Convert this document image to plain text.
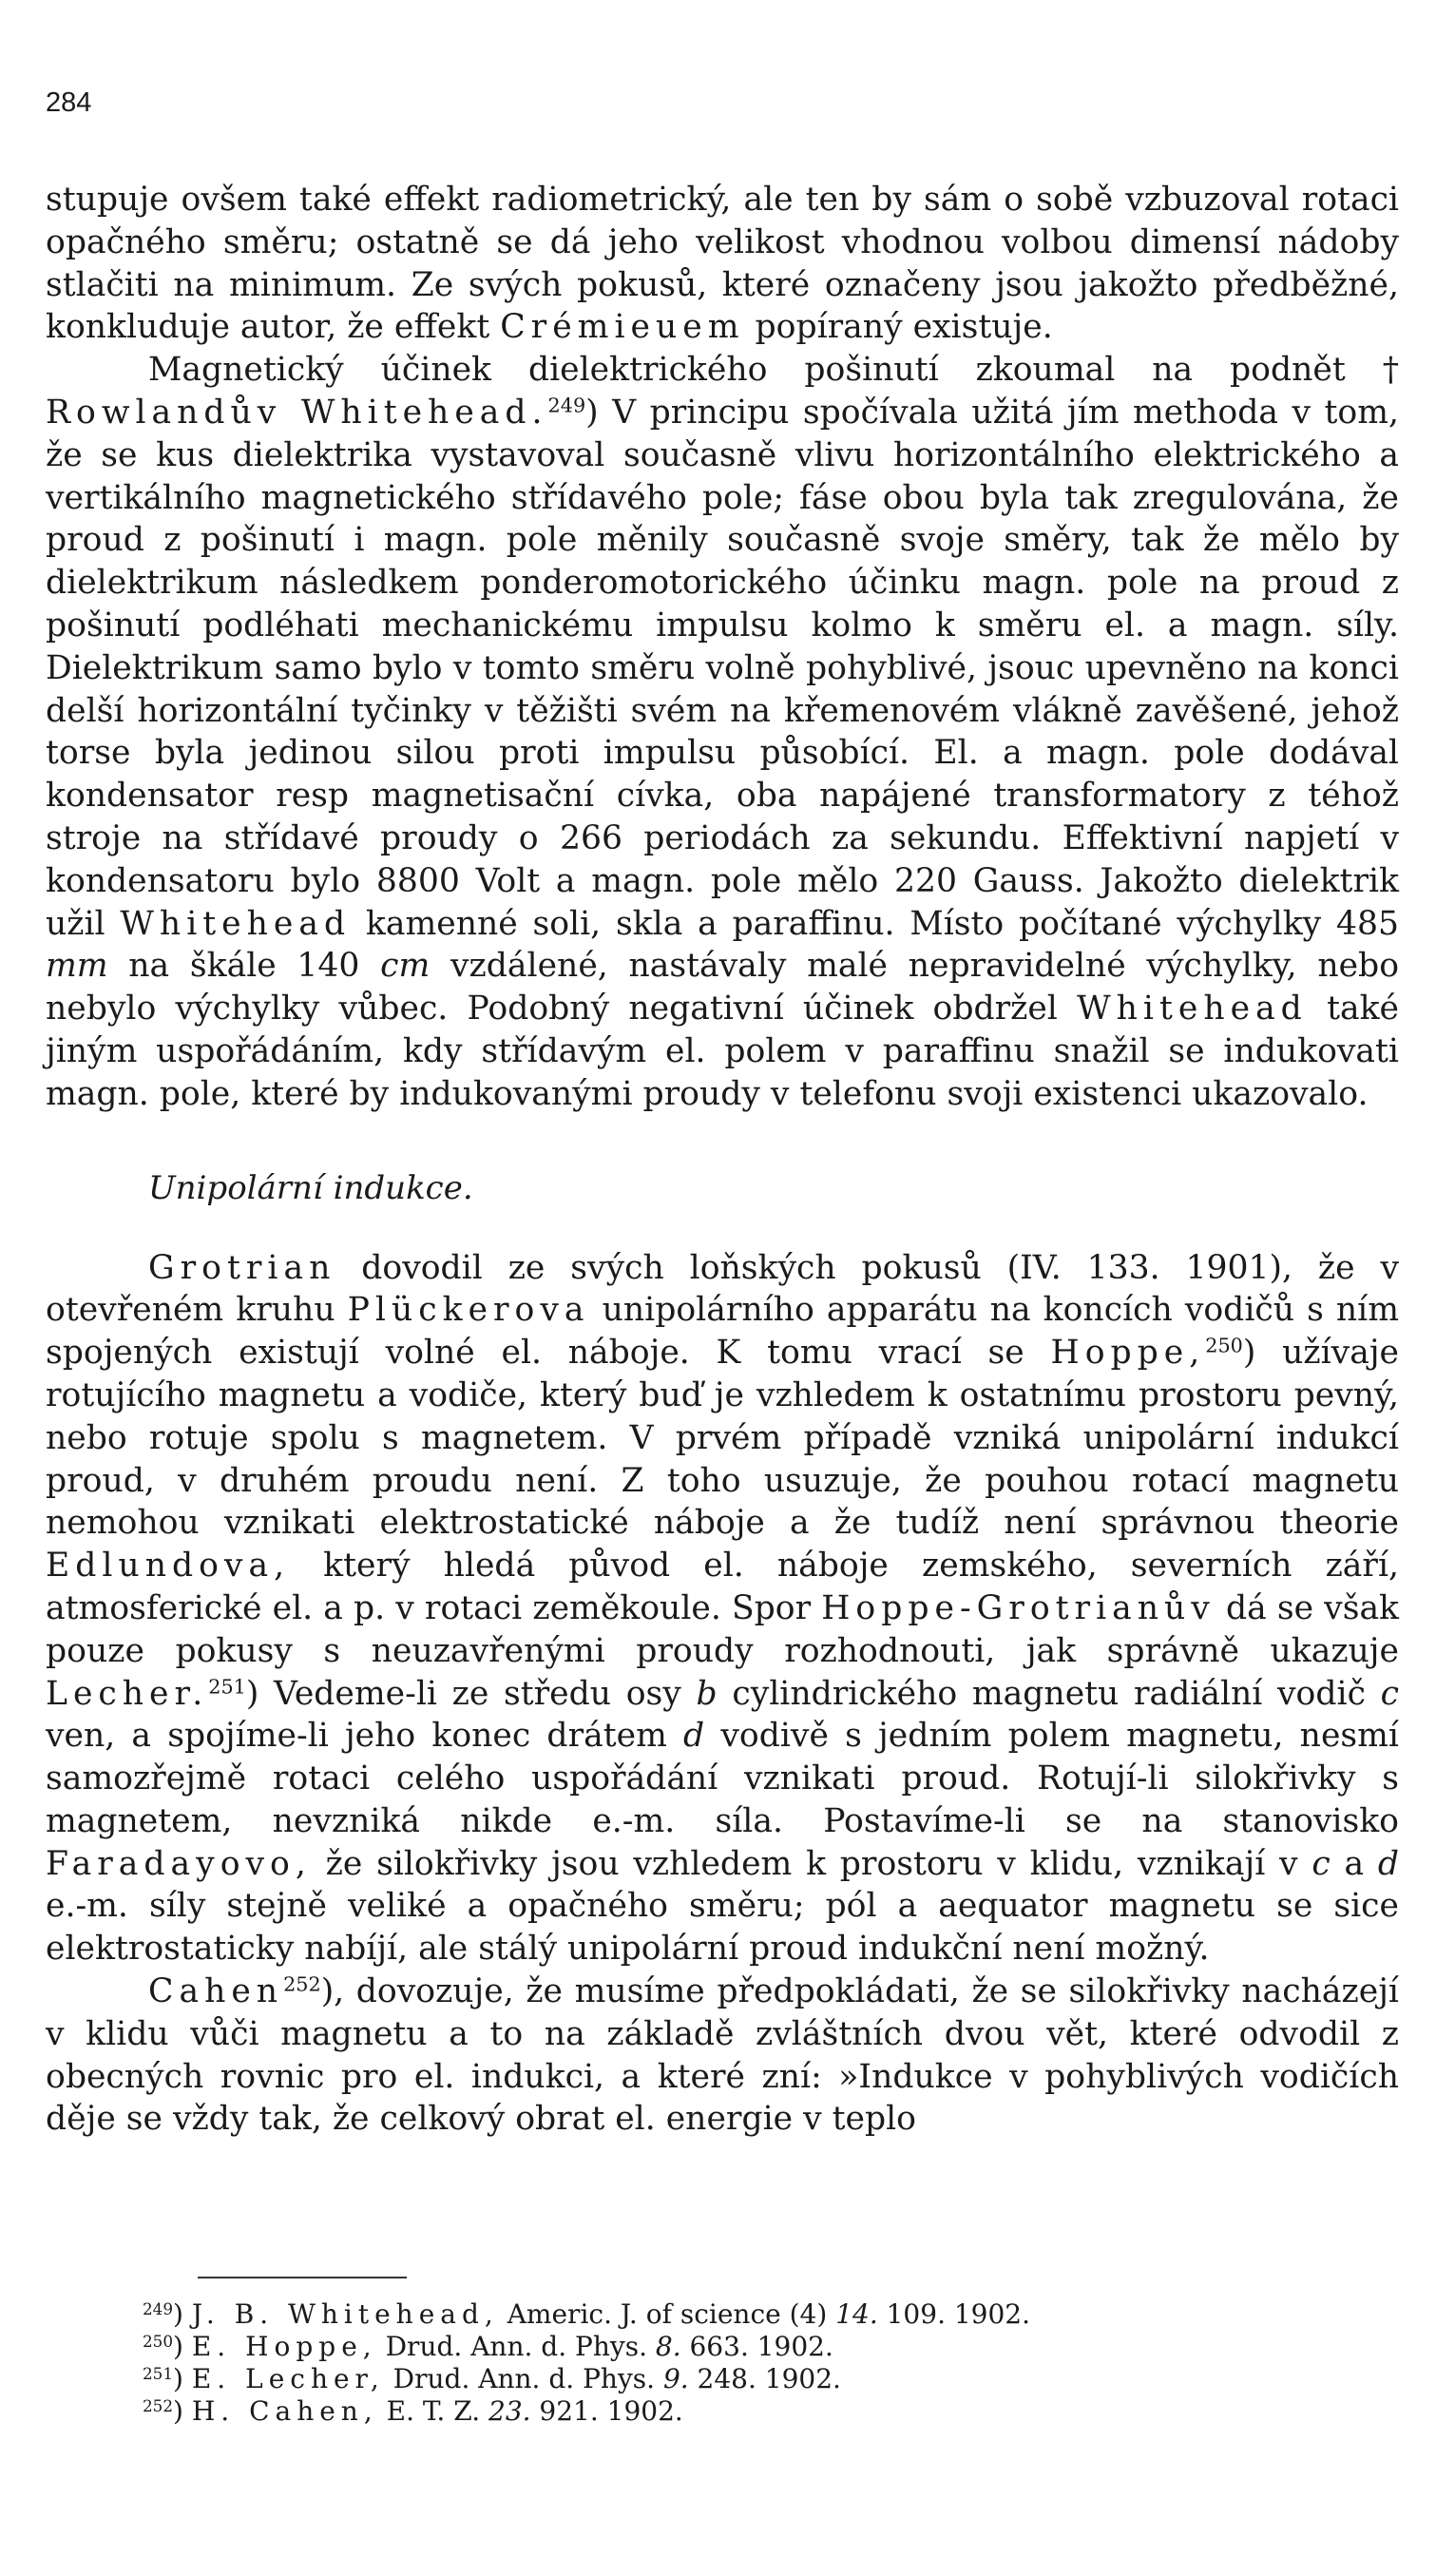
284

stupuje ovšem také effekt radiometrický, ale ten by sám o sobě vzbuzoval rotaci opačného směru; ostatně se dá jeho velikost vhodnou volbou dimensí nádoby stlačiti na minimum. Ze svých pokusů, které označeny jsou jakožto předběžné, konkluduje autor, že effekt Crémieuem popíraný existuje.

Magnetický účinek dielektrického pošinutí zkoumal na podnět † Rowlandův Whitehead.$^{249}$) V principu spočívala užitá jím methoda v tom, že se kus dielektrika vystavoval současně vlivu horizontálního elektrického a vertikálního magnetického střídavého pole; fáse obou byla tak zregulována, že proud z pošinutí i magn. pole měnily současně svoje směry, tak že mělo by dielektrikum následkem ponderomotorického účinku magn. pole na proud z pošinutí podléhati mechanickému impulsu kolmo k směru el. a magn. síly. Dielektrikum samo bylo v tomto směru volně pohyblivé, jsouc upevněno na konci delší horizontální tyčinky v těžišti svém na křemenovém vlákně zavěšené, jehož torse byla jedinou silou proti impulsu působící. El. a magn. pole dodával kondensator resp magnetisační cívka, oba napájené transformatory z téhož stroje na střídavé proudy o 266 periodách za sekundu. Effektivní napjetí v kondensatoru bylo 8800 Volt a magn. pole mělo 220 Gauss. Jakožto dielektrik užil Whitehead kamenné soli, skla a paraffinu. Místo počítané výchylky 485 mm na škále 140 cm vzdálené, nastávaly malé nepravidelné výchylky, nebo nebylo výchylky vůbec. Podobný negativní účinek obdržel Whitehead také jiným uspořádáním, kdy střídavým el. polem v paraffinu snažil se indukovati magn. pole, které by indukovanými proudy v telefonu svoji existenci ukazovalo.

Unipolární indukce.

Grotrian dovodil ze svých loňských pokusů (IV. 133. 1901), že v otevřeném kruhu Plückerova unipolárního apparátu na koncích vodičů s ním spojených existují volné el. náboje. K tomu vrací se Hoppe,$^{250}$) užívaje rotujícího magnetu a vodiče, který buď je vzhledem k ostatnímu prostoru pevný, nebo rotuje spolu s magnetem. V prvém případě vzniká unipolární indukcí proud, v druhém proudu není. Z toho usuzuje, že pouhou rotací magnetu nemohou vznikati elektrostatické náboje a že tudíž není správnou theorie Edlundova, který hledá původ el. náboje zemského, severních září, atmosferické el. a p. v rotaci zeměkoule. Spor Hoppe-Grotrianův dá se však pouze pokusy s neuzavřenými proudy rozhodnouti, jak správně ukazuje Lecher.$^{251}$) Vedeme-li ze středu osy b cylindrického magnetu radiální vodič c ven, a spojíme-li jeho konec drátem d vodivě s jedním polem magnetu, nesmí samozřejmě rotaci celého uspořádání vznikati proud. Rotují-li silokřivky s magnetem, nevzniká nikde e.-m. síla. Postavíme-li se na stanovisko Faradayovo, že silokřivky jsou vzhledem k prostoru v klidu, vznikají v c a d e.-m. síly stejně veliké a opačného směru; pól a aequator magnetu se sice elektrostaticky nabíjí, ale stálý unipolární proud indukční není možný.

Cahen$^{252}$), dovozuje, že musíme předpokládati, že se silokřivky nacházejí v klidu vůči magnetu a to na základě zvláštních dvou vět, které odvodil z obecných rovnic pro el. indukci, a které zní: »Indukce v pohyblivých vodičích děje se vždy tak, že celkový obrat el. energie v teplo

$^{249}$) J. B. Whitehead, Americ. J. of science (4) 14. 109. 1902.

$^{250}$) E. Hoppe, Drud. Ann. d. Phys. 8. 663. 1902.

$^{251}$) E. Lecher, Drud. Ann. d. Phys. 9. 248. 1902.

$^{252}$) H. Cahen, E. T. Z. 23. 921. 1902.
